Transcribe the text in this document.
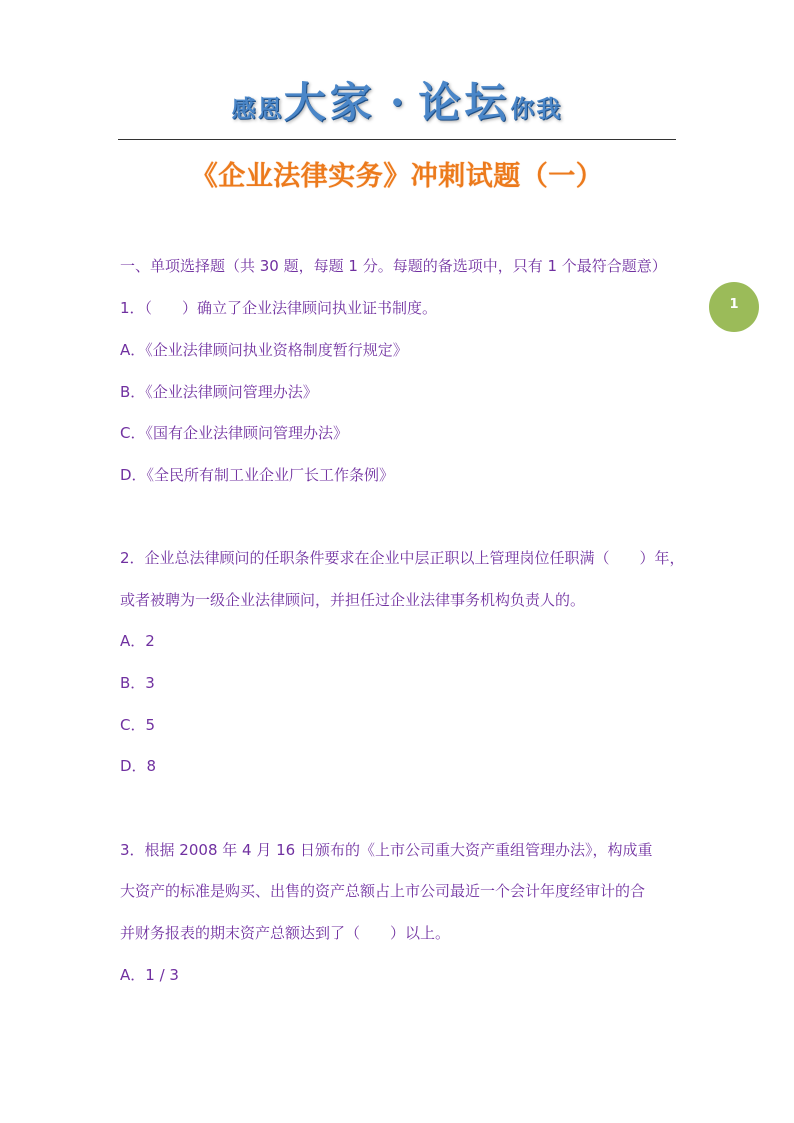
感恩大家 · 论坛你我
《企业法律实务》冲刺试题（一）
1
一、单项选择题（共 30 题，每题 1 分。每题的备选项中，只有 1 个最符合题意）
1．（　　）确立了企业法律顾问执业证书制度。
A．《企业法律顾问执业资格制度暂行规定》
B．《企业法律顾问管理办法》
C．《国有企业法律顾问管理办法》
D．《全民所有制工业企业厂长工作条例》
2．企业总法律顾问的任职条件要求在企业中层正职以上管理岗位任职满（　　）年，
或者被聘为一级企业法律顾问，并担任过企业法律事务机构负责人的。
A．2
B．3
C．5
D．8
3．根据 2008 年 4 月 16 日颁布的《上市公司重大资产重组管理办法》，构成重
大资产的标准是购买、出售的资产总额占上市公司最近一个会计年度经审计的合
并财务报表的期末资产总额达到了（　　）以上。
A．1 / 3
